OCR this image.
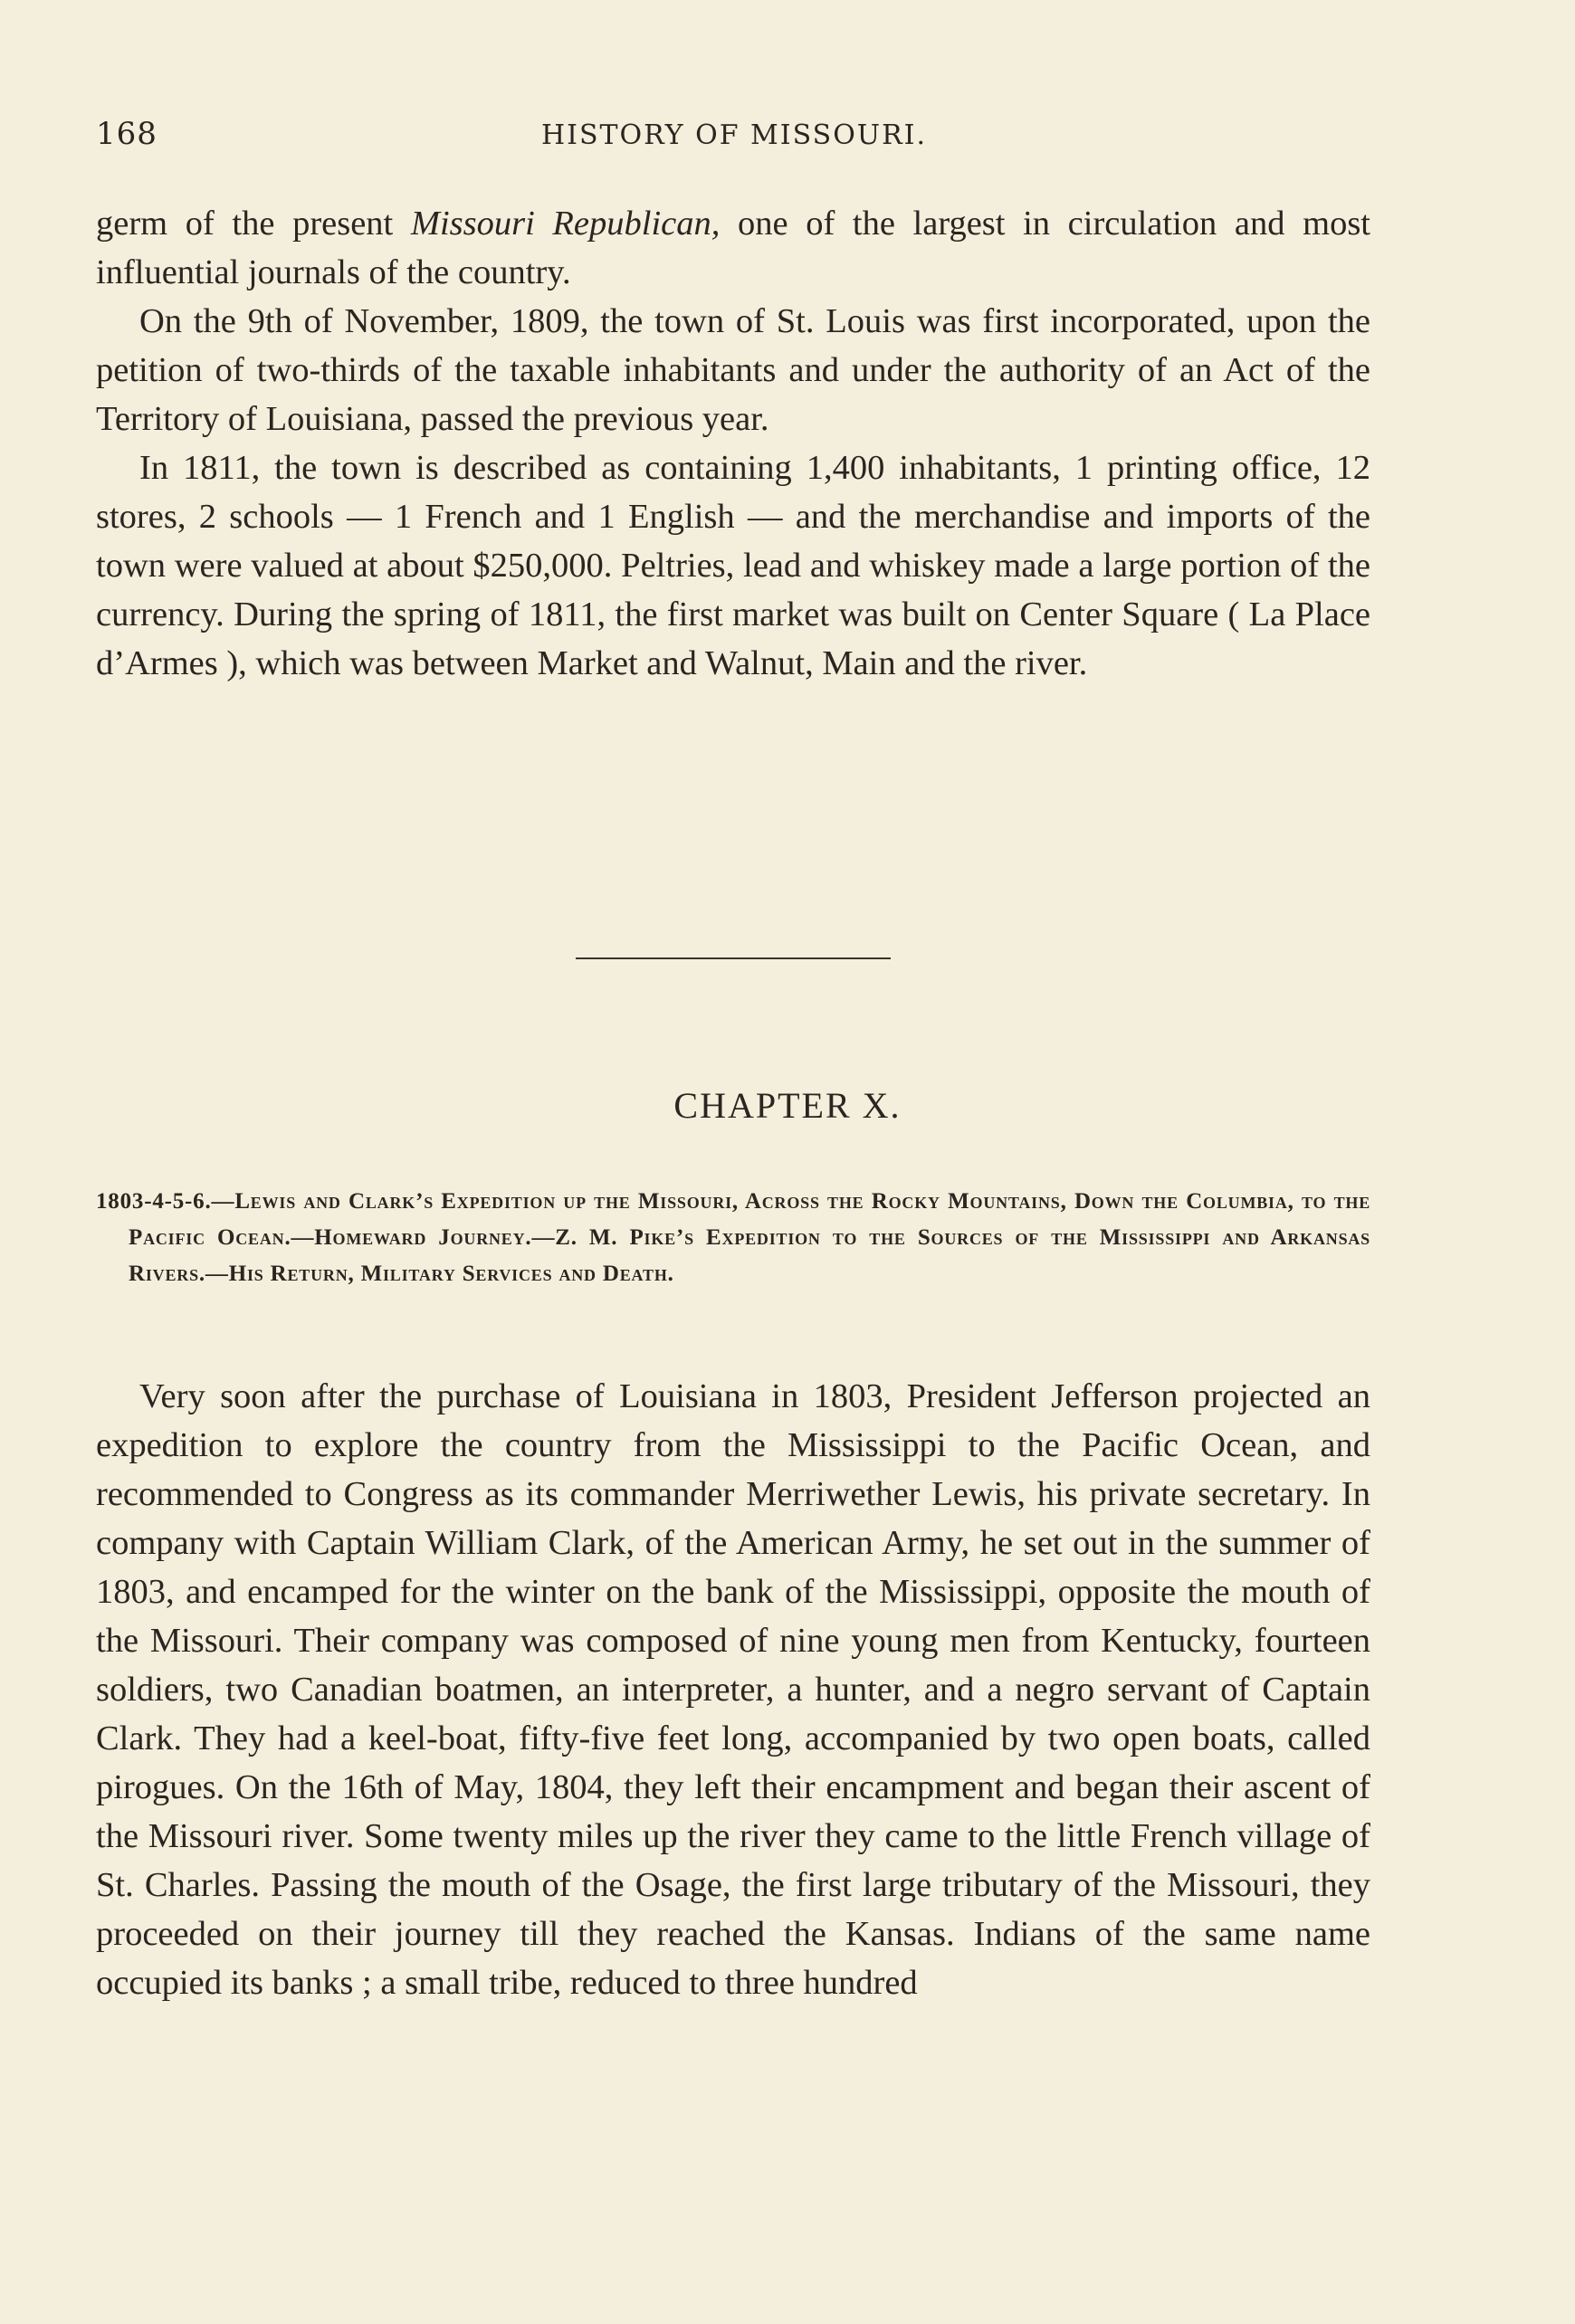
168	HISTORY OF MISSOURI.

germ of the present Missouri Republican, one of the largest in circulation and most influential journals of the country.

On the 9th of November, 1809, the town of St. Louis was first incorporated, upon the petition of two-thirds of the taxable inhabitants and under the authority of an Act of the Territory of Louisiana, passed the previous year.

In 1811, the town is described as containing 1,400 inhabitants, 1 printing office, 12 stores, 2 schools — 1 French and 1 English — and the merchandise and imports of the town were valued at about $250,000. Peltries, lead and whiskey made a large portion of the currency. During the spring of 1811, the first market was built on Center Square ( La Place d’Armes ), which was between Market and Walnut, Main and the river.

CHAPTER X.
1803-4-5-6.—Lewis and Clark’s Expedition up the Missouri, Across the Rocky Mountains, Down the Columbia, to the Pacific Ocean.—Homeward Journey.—Z. M. Pike’s Expedition to the Sources of the Mississippi and Arkansas Rivers.—His Return, Military Services and Death.

Very soon after the purchase of Louisiana in 1803, President Jefferson projected an expedition to explore the country from the Mississippi to the Pacific Ocean, and recommended to Congress as its commander Merriwether Lewis, his private secretary. In company with Captain William Clark, of the American Army, he set out in the summer of 1803, and encamped for the winter on the bank of the Mississippi, opposite the mouth of the Missouri. Their company was composed of nine young men from Kentucky, fourteen soldiers, two Canadian boatmen, an interpreter, a hunter, and a negro servant of Captain Clark. They had a keel-boat, fifty-five feet long, accompanied by two open boats, called pirogues. On the 16th of May, 1804, they left their encampment and began their ascent of the Missouri river. Some twenty miles up the river they came to the little French village of St. Charles. Passing the mouth of the Osage, the first large tributary of the Missouri, they proceeded on their journey till they reached the Kansas. Indians of the same name occupied its banks ; a small tribe, reduced to three hundred
